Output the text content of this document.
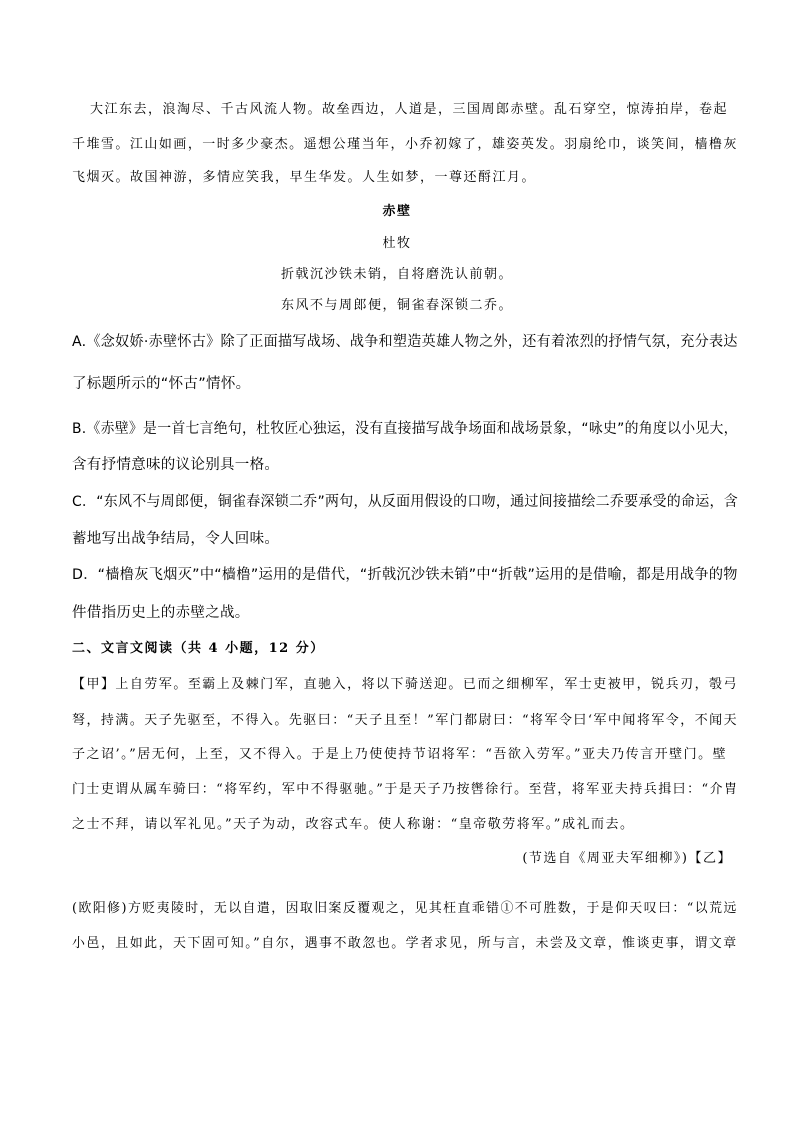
大江东去，浪淘尽、千古风流人物。故垒西边，人道是，三国周郎赤壁。乱石穿空，惊涛拍岸，卷起
千堆雪。江山如画，一时多少豪杰。遥想公瑾当年，小乔初嫁了，雄姿英发。羽扇纶巾，谈笑间，樯橹灰
飞烟灭。故国神游，多情应笑我，早生华发。人生如梦，一尊还酹江月。
赤壁
杜牧
折戟沉沙铁未销，自将磨洗认前朝。
东风不与周郎便，铜雀春深锁二乔。
A.《念奴娇·赤壁怀古》除了正面描写战场、战争和塑造英雄人物之外，还有着浓烈的抒情气氛，充分表达
了标题所示的“怀古”情怀。
B.《赤壁》是一首七言绝句，杜牧匠心独运，没有直接描写战争场面和战场景象，“咏史”的角度以小见大，
含有抒情意味的议论别具一格。
C．“东风不与周郎便，铜雀春深锁二乔”两句，从反面用假设的口吻，通过间接描绘二乔要承受的命运，含
蓄地写出战争结局，令人回味。
D．“樯橹灰飞烟灭”中“樯橹”运用的是借代，“折戟沉沙铁未销”中“折戟”运用的是借喻，都是用战争的物
件借指历史上的赤壁之战。
二、文言文阅读（共 4 小题，12 分）
【甲】上自劳军。至霸上及棘门军，直驰入，将以下骑送迎。已而之细柳军，军士吏被甲，锐兵刃，彀弓
弩，持满。天子先驱至，不得入。先驱曰：“天子且至！”军门都尉曰：“将军令曰‘军中闻将军令，不闻天
子之诏’。”居无何，上至，又不得入。于是上乃使使持节诏将军：“吾欲入劳军。”亚夫乃传言开壁门。壁
门士吏谓从属车骑曰：“将军约，军中不得驱驰。”于是天子乃按辔徐行。至营，将军亚夫持兵揖曰：“介胄
之士不拜，请以军礼见。”天子为动，改容式车。使人称谢：“皇帝敬劳将军。”成礼而去。
(节选自《周亚夫军细柳》)【乙】
(欧阳修)方贬夷陵时，无以自遣，因取旧案反覆观之，见其枉直乖错①不可胜数，于是仰天叹曰：“以荒远
小邑，且如此，天下固可知。”自尔，遇事不敢忽也。学者求见，所与言，未尝及文章，惟谈吏事，谓文章
